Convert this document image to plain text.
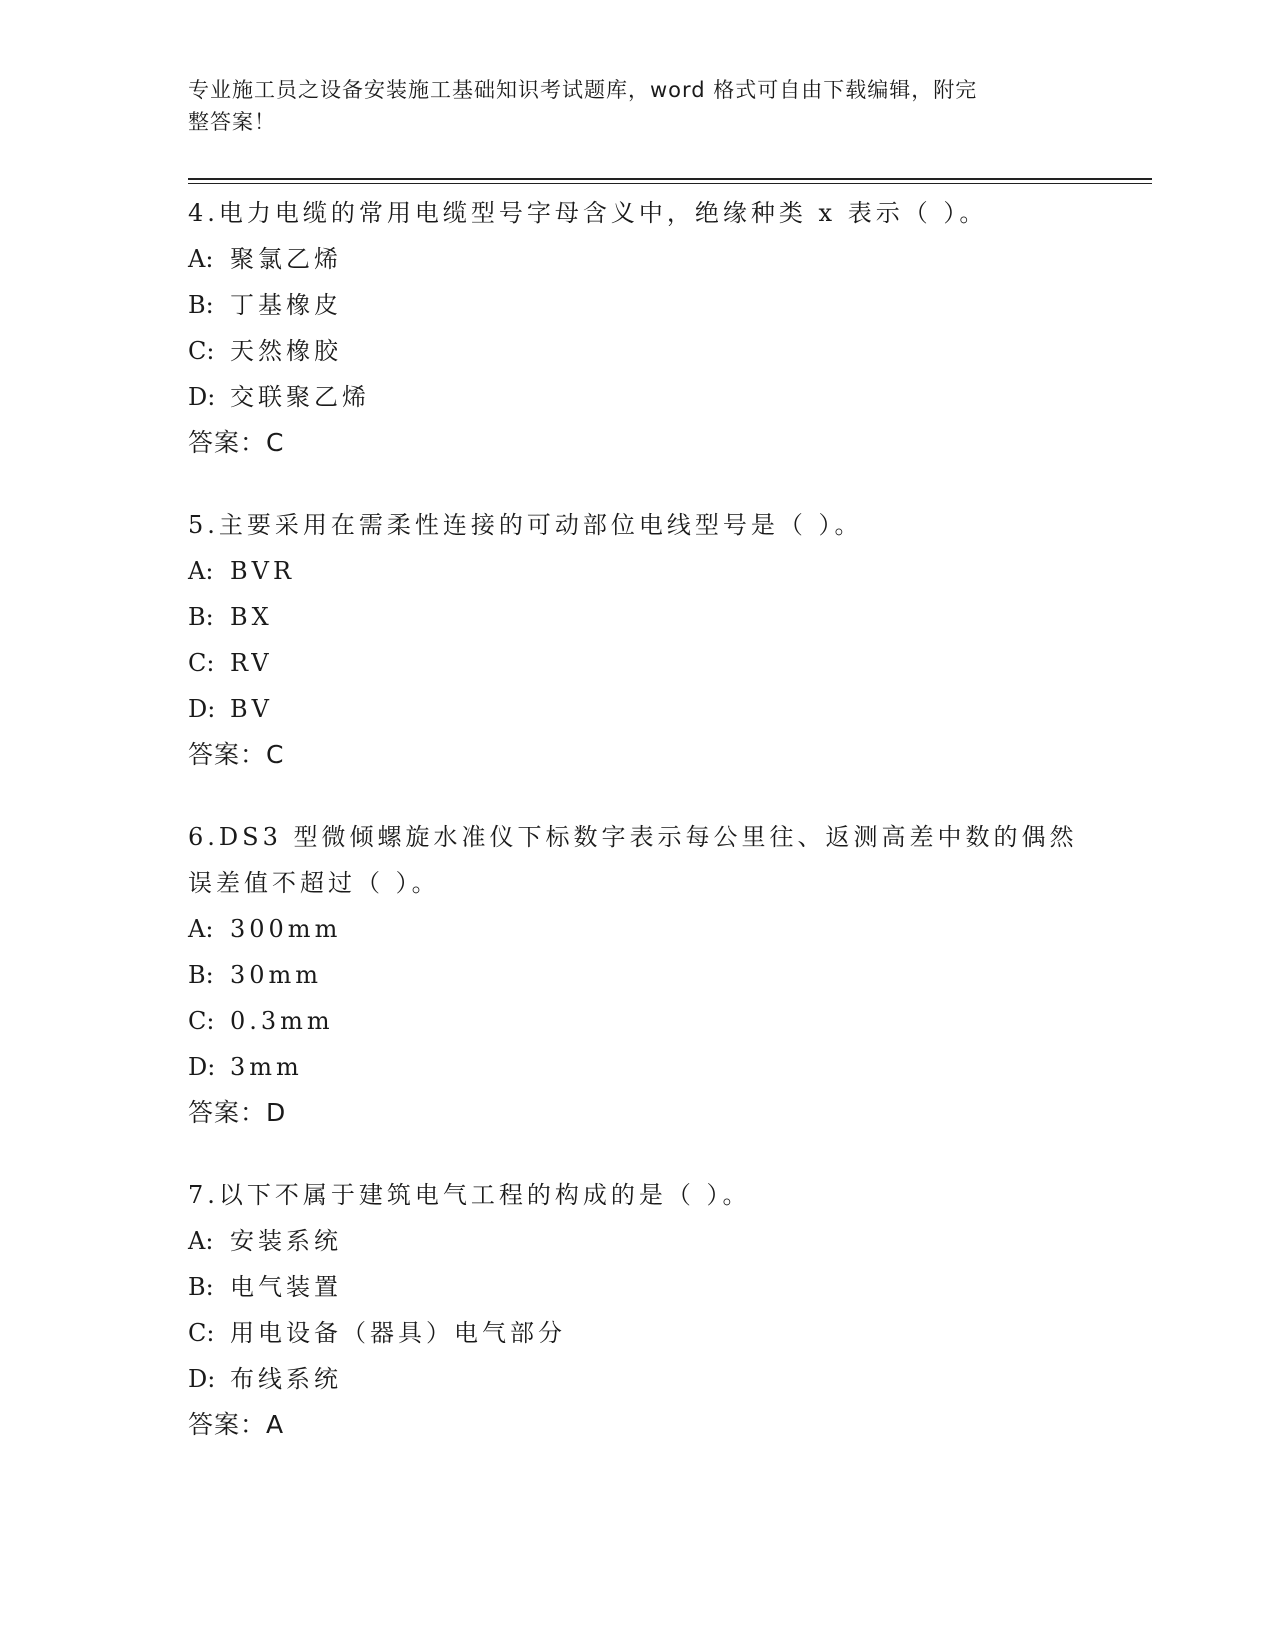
专业施工员之设备安装施工基础知识考试题库，word 格式可自由下载编辑，附完
整答案！
4.电力电缆的常用电缆型号字母含义中，绝缘种类 x 表示（ ）。
A: 聚氯乙烯
B: 丁基橡皮
C: 天然橡胶
D: 交联聚乙烯
答案：C
5.主要采用在需柔性连接的可动部位电线型号是（ ）。
A: BVR
B: BX
C: RV
D: BV
答案：C
6.DS3 型微倾螺旋水准仪下标数字表示每公里往、返测高差中数的偶然误差值不超过（ ）。
A: 300mm
B: 30mm
C: 0.3mm
D: 3mm
答案：D
7.以下不属于建筑电气工程的构成的是（ ）。
A: 安装系统
B: 电气装置
C: 用电设备（器具）电气部分
D: 布线系统
答案：A
